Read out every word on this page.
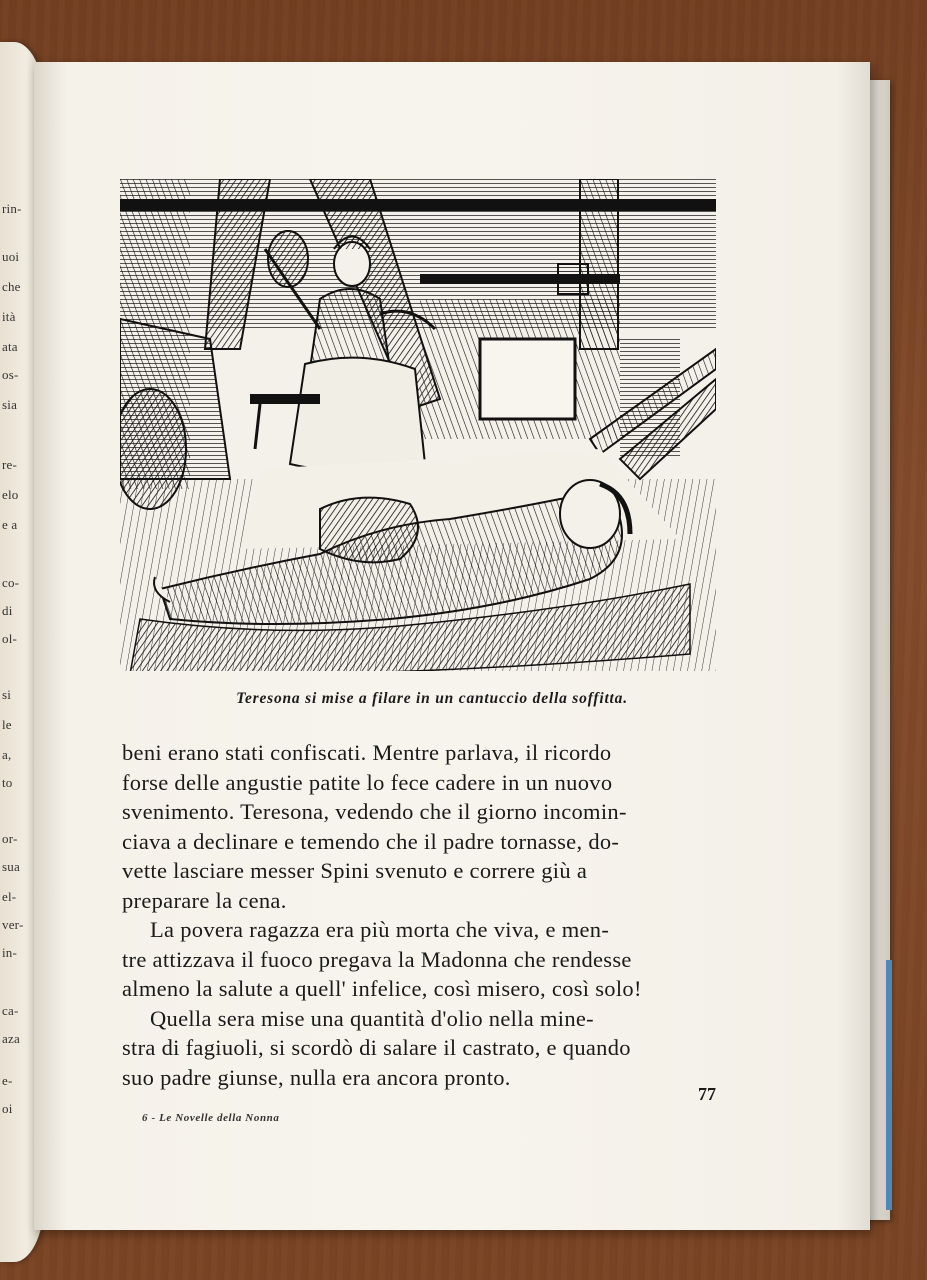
rin-
uoi
che
ità
ata
os-
sia
re-
elo
e a
co-
di
ol-
si
le
a,
to
or-
sua
el-
ver-
in-
ca-
aza
e-
oi
Teresona si mise a filare in un cantuccio della soffitta.

beni erano stati confiscati. Mentre parlava, il ricordo

forse delle angustie patite lo fece cadere in un nuovo

svenimento. Teresona, vedendo che il giorno incomin-

ciava a declinare e temendo che il padre tornasse, do-

vette lasciare messer Spini svenuto e correre giù a

preparare la cena.

La povera ragazza era più morta che viva, e men-

tre attizzava il fuoco pregava la Madonna che rendesse

almeno la salute a quell' infelice, così misero, così solo!

Quella sera mise una quantità d'olio nella mine-

stra di fagiuoli, si scordò di salare il castrato, e quando

suo padre giunse, nulla era ancora pronto.

6 - Le Novelle della Nonna
77
